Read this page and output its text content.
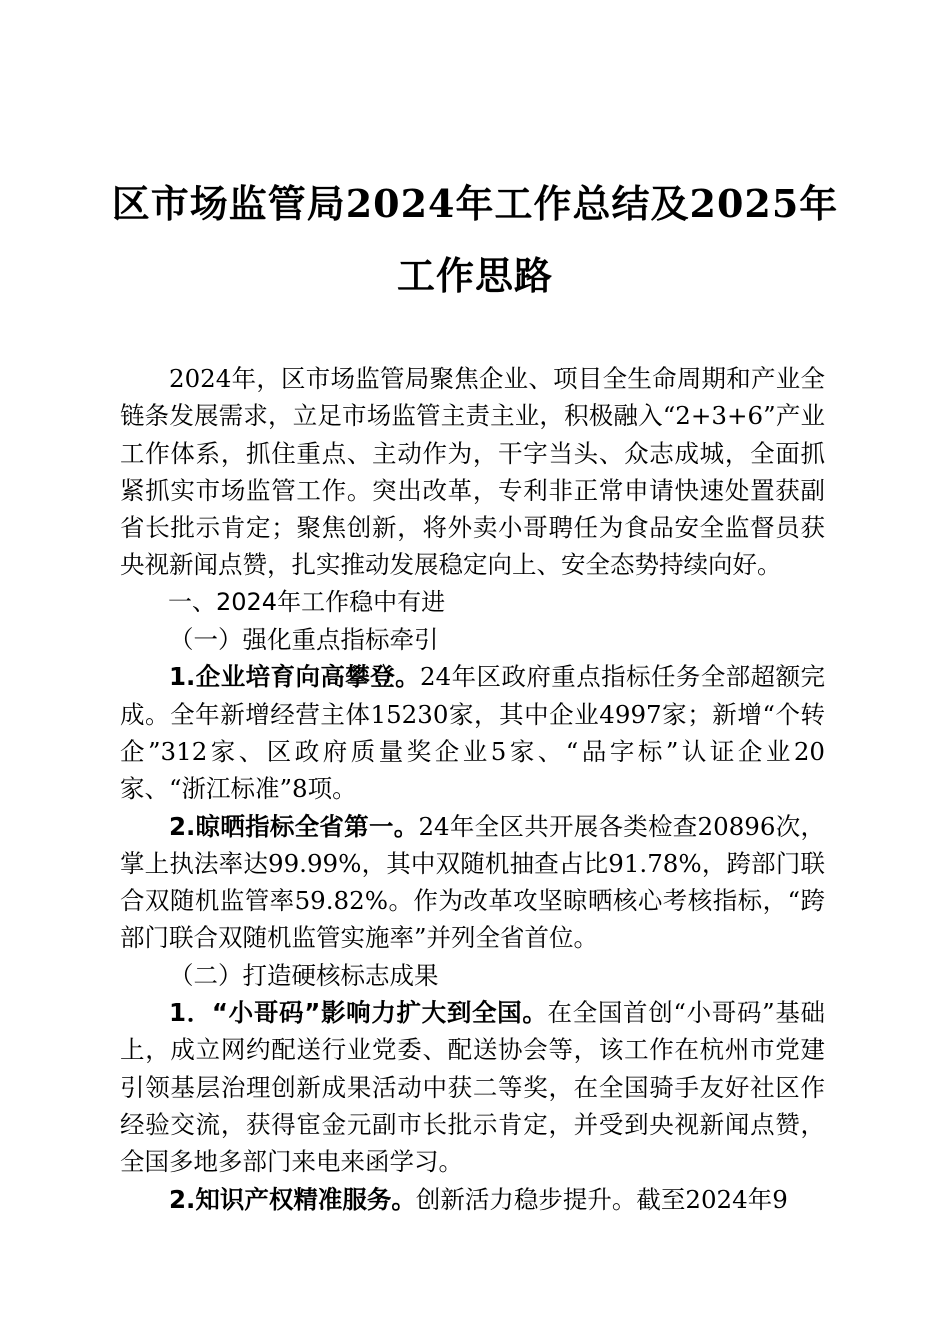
区市场监管局2024年工作总结及2025年工作思路

2024年，区市场监管局聚焦企业、项目全生命周期和产业全链条发展需求，立足市场监管主责主业，积极融入“2+3+6”产业工作体系，抓住重点、主动作为，干字当头、众志成城，全面抓紧抓实市场监管工作。突出改革，专利非正常申请快速处置获副省长批示肯定；聚焦创新，将外卖小哥聘任为食品安全监督员获央视新闻点赞，扎实推动发展稳定向上、安全态势持续向好。

一、2024年工作稳中有进

（一）强化重点指标牵引

1.企业培育向高攀登。24年区政府重点指标任务全部超额完成。全年新增经营主体15230家，其中企业4997家；新增“个转企”312家、区政府质量奖企业5家、“品字标”认证企业20家、“浙江标准”8项。

2.晾晒指标全省第一。24年全区共开展各类检查20896次，掌上执法率达99.99%，其中双随机抽查占比91.78%，跨部门联合双随机监管率59.82%。作为改革攻坚晾晒核心考核指标，“跨部门联合双随机监管实施率”并列全省首位。

（二）打造硬核标志成果

1．“小哥码”影响力扩大到全国。在全国首创“小哥码”基础上，成立网约配送行业党委、配送协会等，该工作在杭州市党建引领基层治理创新成果活动中获二等奖，在全国骑手友好社区作经验交流，获得宦金元副市长批示肯定，并受到央视新闻点赞，全国多地多部门来电来函学习。

2.知识产权精准服务。创新活力稳步提升。截至2024年9
